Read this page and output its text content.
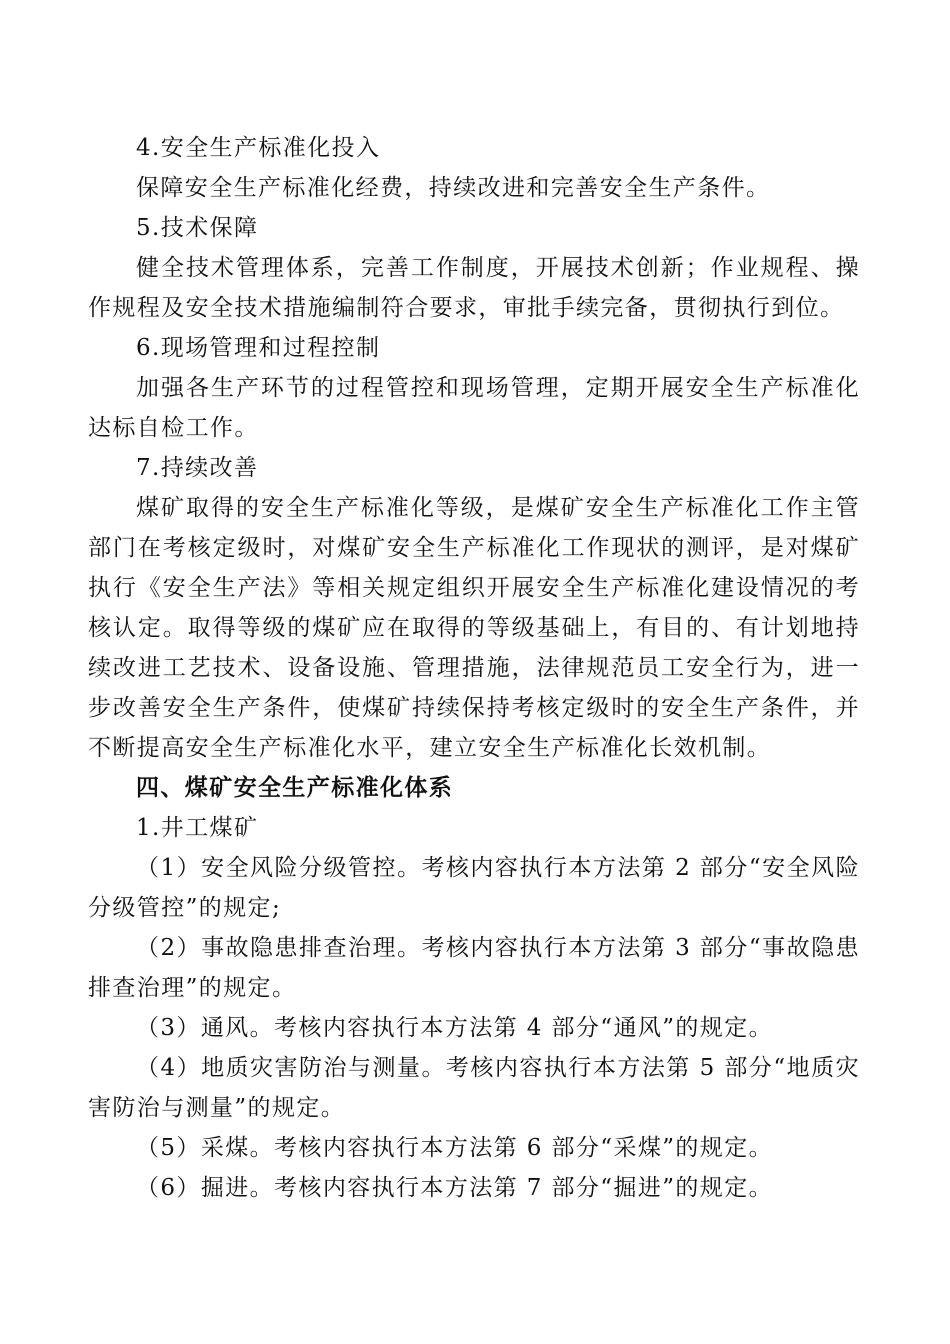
4.安全生产标准化投入

保障安全生产标准化经费，持续改进和完善安全生产条件。

5.技术保障

健全技术管理体系，完善工作制度，开展技术创新；作业规程、操作规程及安全技术措施编制符合要求，审批手续完备，贯彻执行到位。

6.现场管理和过程控制

加强各生产环节的过程管控和现场管理，定期开展安全生产标准化达标自检工作。

7.持续改善

煤矿取得的安全生产标准化等级，是煤矿安全生产标准化工作主管部门在考核定级时，对煤矿安全生产标准化工作现状的测评，是对煤矿执行《安全生产法》等相关规定组织开展安全生产标准化建设情况的考核认定。取得等级的煤矿应在取得的等级基础上，有目的、有计划地持续改进工艺技术、设备设施、管理措施，法律规范员工安全行为，进一步改善安全生产条件，使煤矿持续保持考核定级时的安全生产条件，并不断提高安全生产标准化水平，建立安全生产标准化长效机制。

四、煤矿安全生产标准化体系

1.井工煤矿

（1）安全风险分级管控。考核内容执行本方法第 2 部分“安全风险分级管控”的规定;

（2）事故隐患排查治理。考核内容执行本方法第 3 部分“事故隐患排查治理”的规定。

（3）通风。考核内容执行本方法第 4 部分“通风”的规定。

（4）地质灾害防治与测量。考核内容执行本方法第 5 部分“地质灾害防治与测量”的规定。

（5）采煤。考核内容执行本方法第 6 部分“采煤”的规定。

（6）掘进。考核内容执行本方法第 7 部分“掘进”的规定。
